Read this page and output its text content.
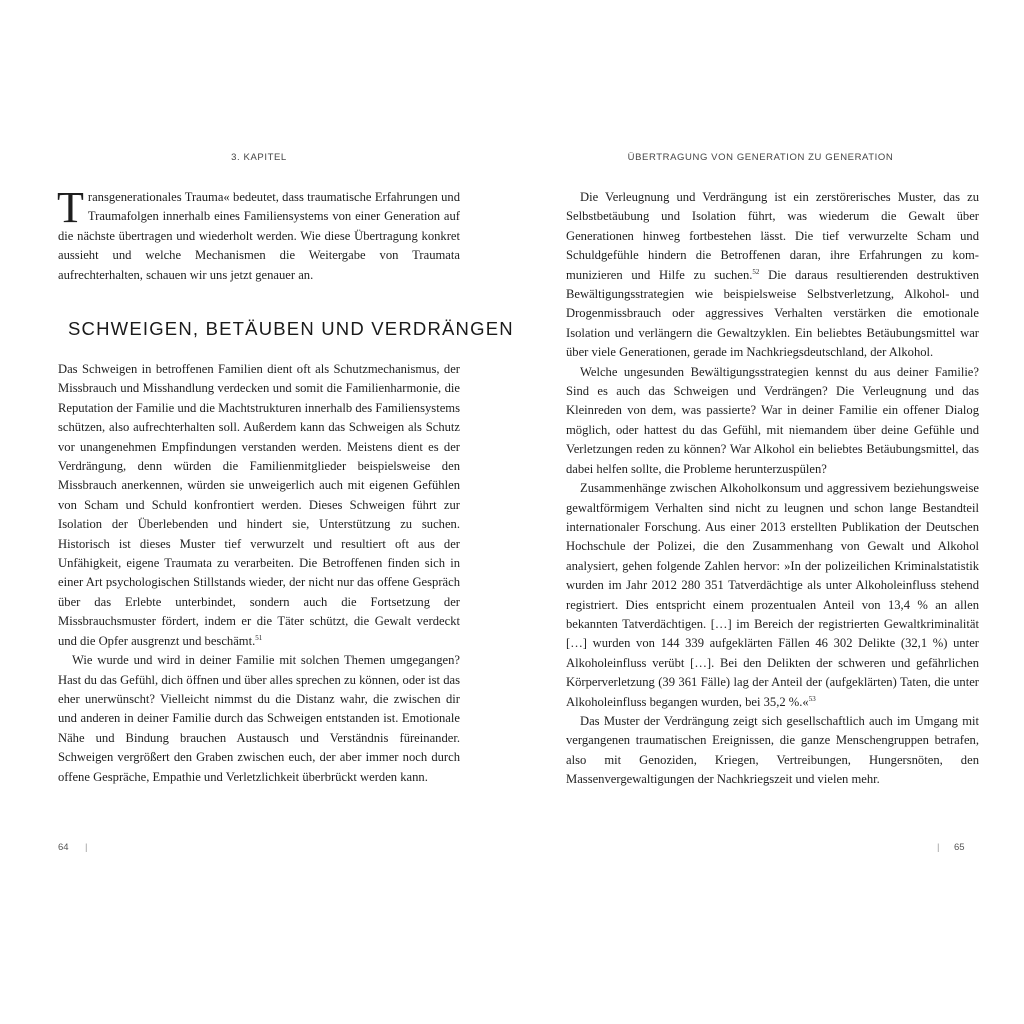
3. KAPITEL

Transgenerationales Trauma« bedeutet, dass traumatische Erfahrungen und Traumafolgen innerhalb eines Familiensystems von einer Generation auf die nächste übertragen und wiederholt werden. Wie diese Übertragung konkret aussieht und welche Mechanismen die Weitergabe von Traumata aufrechterhalten, schauen wir uns jetzt genauer an.

SCHWEIGEN, BETÄUBEN UND VERDRÄNGEN

Das Schweigen in betroffenen Familien dient oft als Schutzmechanismus, der Missbrauch und Misshandlung verdecken und somit die Familienharmonie, die Reputation der Familie und die Machtstrukturen innerhalb des Familiensystems schützen, also aufrechterhalten soll. Außerdem kann das Schweigen als Schutz vor unangenehmen Empfindungen verstanden werden. Meistens dient es der Verdrängung, denn würden die Familienmitglieder beispielsweise den Missbrauch anerkennen, würden sie unweigerlich auch mit eigenen Gefühlen von Scham und Schuld konfrontiert werden. Dieses Schweigen führt zur Isolation der Überlebenden und hindert sie, Unterstützung zu suchen. Historisch ist dieses Muster tief verwurzelt und resultiert oft aus der Unfähigkeit, eigene Traumata zu verarbeiten. Die Betroffenen finden sich in einer Art psychologischen Stillstands wieder, der nicht nur das offene Gespräch über das Erlebte unterbindet, sondern auch die Fortsetzung der Missbrauchsmuster fördert, indem er die Täter schützt, die Gewalt verdeckt und die Opfer ausgrenzt und beschämt.$^{51}$

Wie wurde und wird in deiner Familie mit solchen Themen umgegangen? Hast du das Gefühl, dich öffnen und über alles sprechen zu können, oder ist das eher unerwünscht? Vielleicht nimmst du die Distanz wahr, die zwischen dir und anderen in deiner Familie durch das Schweigen entstanden ist. Emotionale Nähe und Bindung brauchen Austausch und Verständnis füreinander. Schweigen vergrößert den Graben zwischen euch, der aber immer noch durch offene Gespräche, Empathie und Verletzlichkeit überbrückt werden kann.

64 |
ÜBERTRAGUNG VON GENERATION ZU GENERATION

Die Verleugnung und Verdrängung ist ein zerstörerisches Muster, das zu Selbstbetäubung und Isolation führt, was wiederum die Gewalt über Generationen hinweg fortbestehen lässt. Die tief verwurzelte Scham und Schuldgefühle hindern die Betroffenen daran, ihre Erfahrungen zu kommunizieren und Hilfe zu suchen.$^{52}$ Die daraus resultierenden destruktiven Bewältigungsstrategien wie beispielsweise Selbstverletzung, Alkohol- und Drogenmissbrauch oder aggressives Verhalten verstärken die emotionale Isolation und verlängern die Gewaltzyklen. Ein beliebtes Betäubungsmittel war über viele Generationen, gerade im Nachkriegsdeutschland, der Alkohol.

Welche ungesunden Bewältigungsstrategien kennst du aus deiner Familie? Sind es auch das Schweigen und Verdrängen? Die Verleugnung und das Kleinreden von dem, was passierte? War in deiner Familie ein offener Dialog möglich, oder hattest du das Gefühl, mit niemandem über deine Gefühle und Verletzungen reden zu können? War Alkohol ein beliebtes Betäubungsmittel, das dabei helfen sollte, die Probleme herunterzuspülen?

Zusammenhänge zwischen Alkoholkonsum und aggressivem beziehungsweise gewaltförmigem Verhalten sind nicht zu leugnen und schon lange Bestandteil internationaler Forschung. Aus einer 2013 erstellten Publikation der Deutschen Hochschule der Polizei, die den Zusammenhang von Gewalt und Alkohol analysiert, gehen folgende Zahlen hervor: »In der polizeilichen Kriminalstatistik wurden im Jahr 2012 280 351 Tatverdächtige als unter Alkoholeinfluss stehend registriert. Dies entspricht einem prozentualen Anteil von 13,4 % an allen bekannten Tatverdächtigen. […] im Bereich der registrierten Gewaltkriminalität […] wurden von 144 339 aufgeklärten Fällen 46 302 Delikte (32,1 %) unter Alkoholeinfluss verübt […]. Bei den Delikten der schweren und gefährlichen Körperverletzung (39 361 Fälle) lag der Anteil der (aufgeklärten) Taten, die unter Alkoholeinfluss begangen wurden, bei 35,2 %.«$^{53}$

Das Muster der Verdrängung zeigt sich gesellschaftlich auch im Umgang mit vergangenen traumatischen Ereignissen, die ganze Menschengruppen betrafen, also mit Genoziden, Kriegen, Vertreibungen, Hungersnöten, den Massenvergewaltigungen der Nachkriegszeit und vielen mehr.

| 65
